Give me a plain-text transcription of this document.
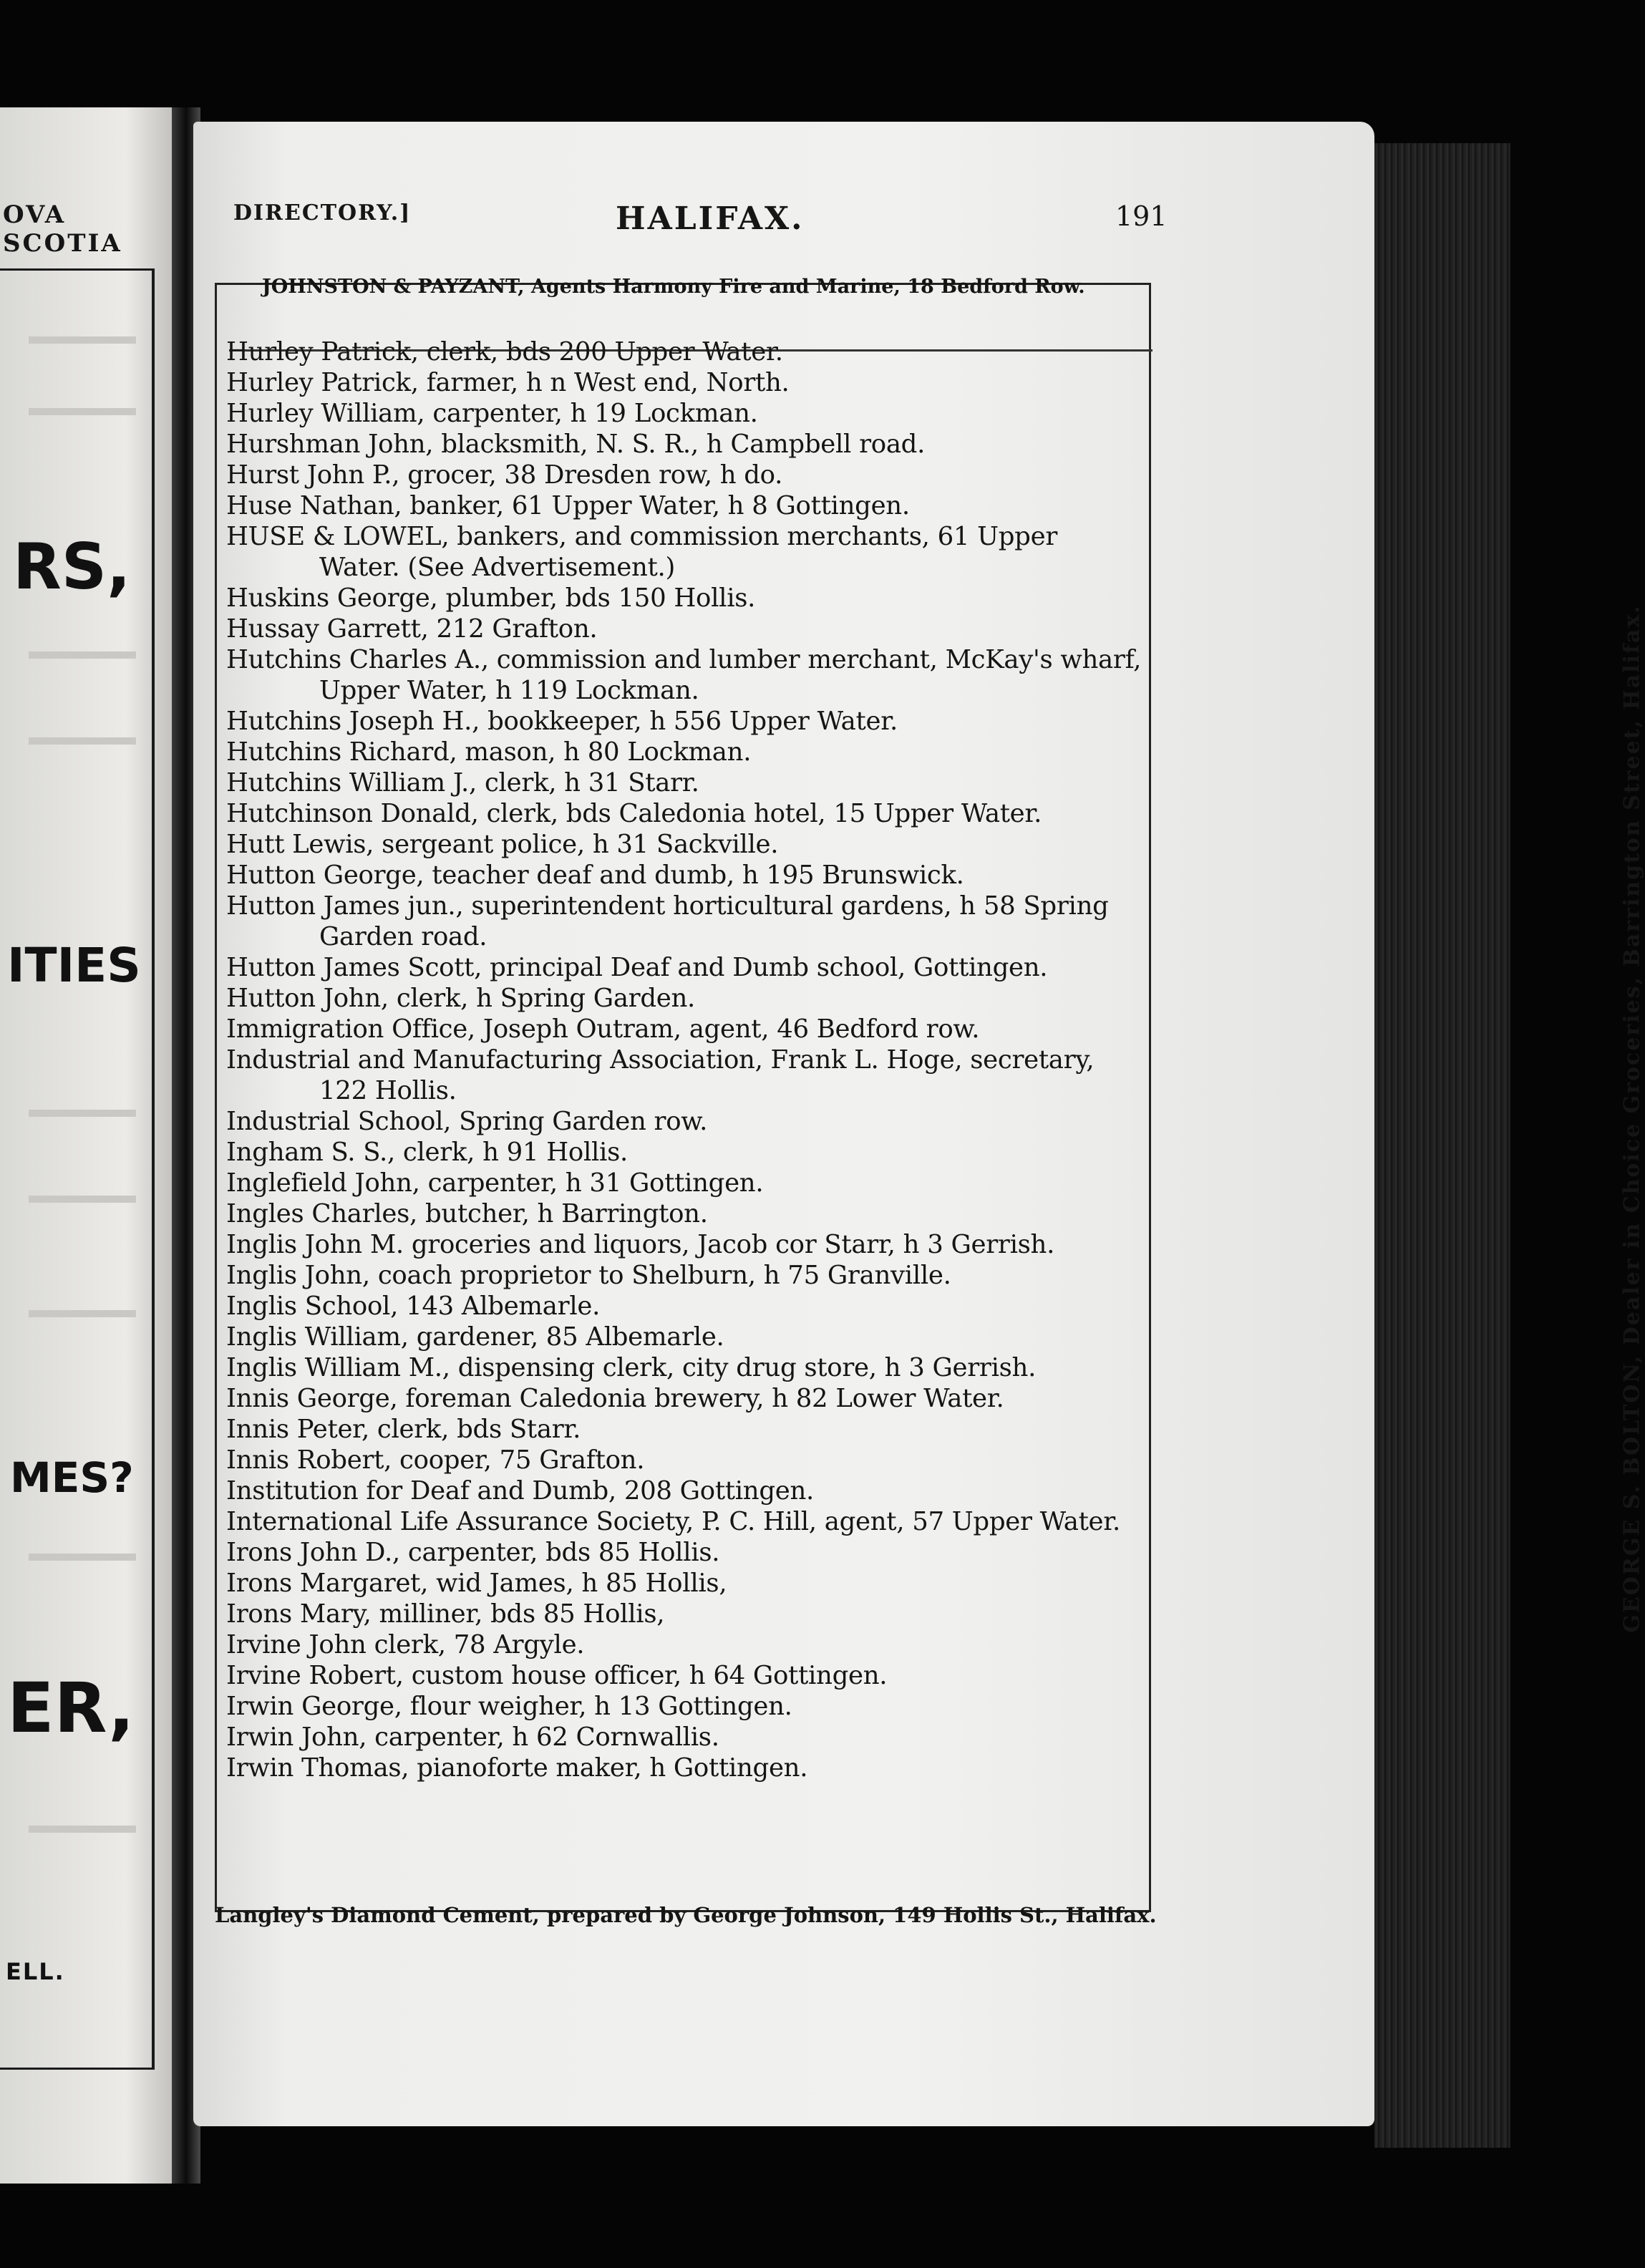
OVA SCOTIA
RS,
ITIES
MES?
ER,
ELL.
DIRECTORY.]	HALIFAX.	191
JOHNSTON & PAYZANT, Agents Harmony Fire and Marine, 18 Bedford Row.
Hurley Patrick, clerk, bds 200 Upper Water.
Hurley Patrick, farmer, h n West end, North.
Hurley William, carpenter, h 19 Lockman.
Hurshman John, blacksmith, N. S. R., h Campbell road.
Hurst John P., grocer, 38 Dresden row, h do.
Huse Nathan, banker, 61 Upper Water, h 8 Gottingen.
HUSE & LOWEL, bankers, and commission merchants, 61 Upper
Water. (See Advertisement.)
Huskins George, plumber, bds 150 Hollis.
Hussay Garrett, 212 Grafton.
Hutchins Charles A., commission and lumber merchant, McKay's wharf,
Upper Water, h 119 Lockman.
Hutchins Joseph H., bookkeeper, h 556 Upper Water.
Hutchins Richard, mason, h 80 Lockman.
Hutchins William J., clerk, h 31 Starr.
Hutchinson Donald, clerk, bds Caledonia hotel, 15 Upper Water.
Hutt Lewis, sergeant police, h 31 Sackville.
Hutton George, teacher deaf and dumb, h 195 Brunswick.
Hutton James jun., superintendent horticultural gardens, h 58 Spring
Garden road.
Hutton James Scott, principal Deaf and Dumb school, Gottingen.
Hutton John, clerk, h Spring Garden.
Immigration Office, Joseph Outram, agent, 46 Bedford row.
Industrial and Manufacturing Association, Frank L. Hoge, secretary,
122 Hollis.
Industrial School, Spring Garden row.
Ingham S. S., clerk, h 91 Hollis.
Inglefield John, carpenter, h 31 Gottingen.
Ingles Charles, butcher, h Barrington.
Inglis John M. groceries and liquors, Jacob cor Starr, h 3 Gerrish.
Inglis John, coach proprietor to Shelburn, h 75 Granville.
Inglis School, 143 Albemarle.
Inglis William, gardener, 85 Albemarle.
Inglis William M., dispensing clerk, city drug store, h 3 Gerrish.
Innis George, foreman Caledonia brewery, h 82 Lower Water.
Innis Peter, clerk, bds Starr.
Innis Robert, cooper, 75 Grafton.
Institution for Deaf and Dumb, 208 Gottingen.
International Life Assurance Society, P. C. Hill, agent, 57 Upper Water.
Irons John D., carpenter, bds 85 Hollis.
Irons Margaret, wid James, h 85 Hollis,
Irons Mary, milliner, bds 85 Hollis,
Irvine John clerk, 78 Argyle.
Irvine Robert, custom house officer, h 64 Gottingen.
Irwin George, flour weigher, h 13 Gottingen.
Irwin John, carpenter, h 62 Cornwallis.
Irwin Thomas, pianoforte maker, h Gottingen.
GEORGE S. BOLTON, Dealer in Choice Groceries, Barrington Street, Halifax.
Langley's Diamond Cement, prepared by George Johnson, 149 Hollis St., Halifax.
